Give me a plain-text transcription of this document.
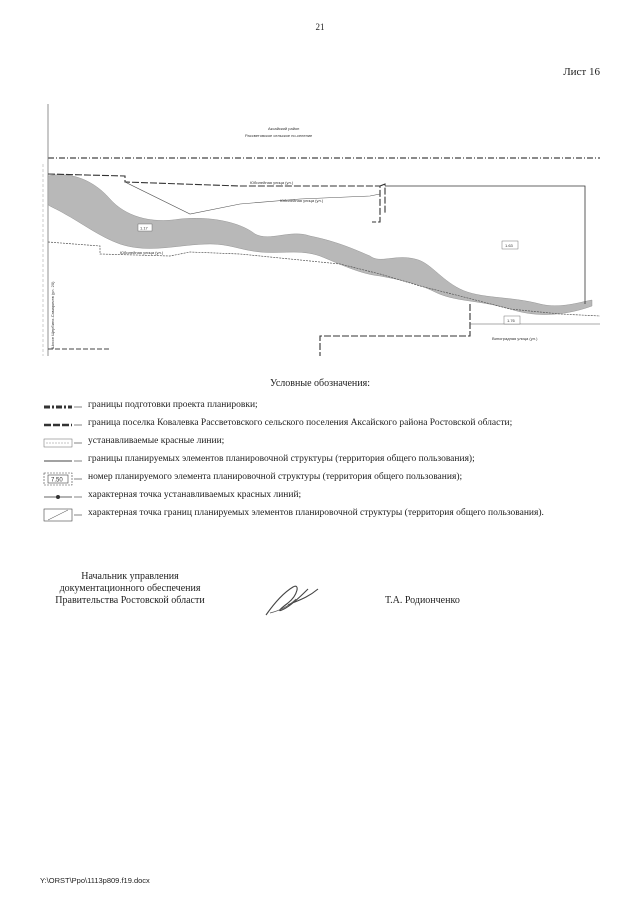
21
Лист 16
Аксайский район
Рассветовское сельское по-селение
1.17
1.63
1.76
Юбилейная улица (ул.)
Юбилейная улица (ул.)
Юбилейная улица (ул.)
Виноградная улица (ул.)
Шоссе Щербино-Самаричев (ул. 20)
Условные обозначения:
границы подготовки проекта планировки;
граница поселка Ковалевка Рассветовского сельского поселения Аксайского района Ростовской области;
устанавливаемые красные линии;
границы планируемых элементов планировочной структуры (территория общего пользования);
7.50	номер планируемого элемента планировочной структуры (территория общего пользования);
характерная точка устанавливаемых красных линий;
характерная точка границ планируемых элементов планировочной структуры (территория общего пользования).
Начальник управления
документационного обеспечения
Правительства Ростовской области	Т.А. Родионченко
Y:\ORST\Ppo\1113p809.f19.docx
